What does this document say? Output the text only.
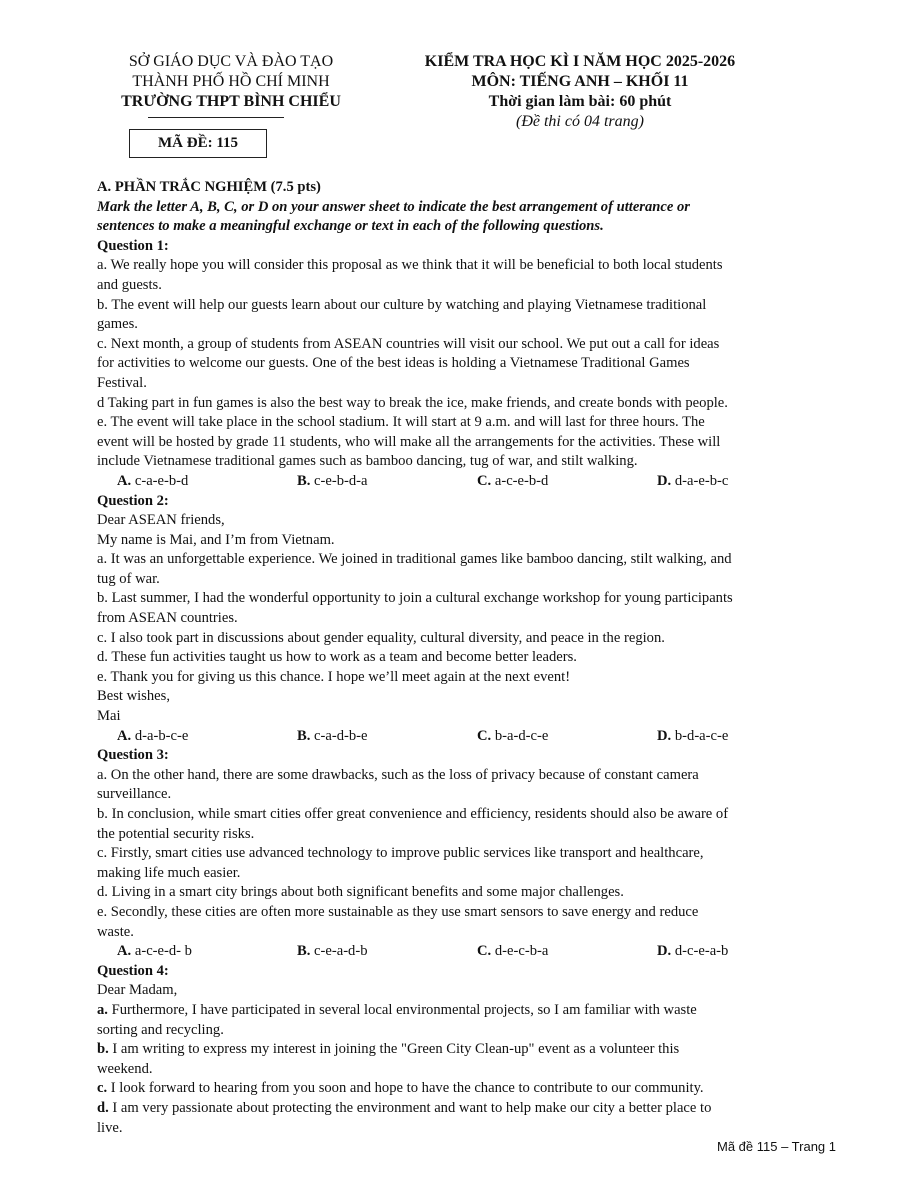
SỞ GIÁO DỤC VÀ ĐÀO TẠO
THÀNH PHỐ HỒ CHÍ MINH
TRƯỜNG THPT BÌNH CHIỂU
MÃ ĐỀ: 115
KIỂM TRA HỌC KÌ I NĂM HỌC 2025-2026
MÔN: TIẾNG ANH – KHỐI 11
Thời gian làm bài: 60 phút
(Đề thi có 04 trang)

A. PHẦN TRẮC NGHIỆM (7.5 pts)

Mark the letter A, B, C, or D on your answer sheet to indicate the best arrangement of utterance or

sentences to make a meaningful exchange or text in each of the following questions.

Question 1:

a. We really hope you will consider this proposal as we think that it will be beneficial to both local students

and guests.

b. The event will help our guests learn about our culture by watching and playing Vietnamese traditional

games.

c. Next month, a group of students from ASEAN countries will visit our school. We put out a call for ideas

for activities to welcome our guests. One of the best ideas is holding a Vietnamese Traditional Games

Festival.

d Taking part in fun games is also the best way to break the ice, make friends, and create bonds with people.

e. The event will take place in the school stadium. It will start at 9 a.m. and will last for three hours. The

event will be hosted by grade 11 students, who will make all the arrangements for the activities. These will

include Vietnamese traditional games such as bamboo dancing, tug of war, and stilt walking.

A. c-a-e-b-d	B. c-e-b-d-a	C. a-c-e-b-d	D. d-a-e-b-c

Question 2:

Dear ASEAN friends,

My name is Mai, and I’m from Vietnam.

a. It was an unforgettable experience. We joined in traditional games like bamboo dancing, stilt walking, and

tug of war.

b. Last summer, I had the wonderful opportunity to join a cultural exchange workshop for young participants

from ASEAN countries.

c. I also took part in discussions about gender equality, cultural diversity, and peace in the region.

d. These fun activities taught us how to work as a team and become better leaders.

e. Thank you for giving us this chance. I hope we’ll meet again at the next event!

Best wishes,

Mai

A. d-a-b-c-e	B. c-a-d-b-e	C. b-a-d-c-e	D. b-d-a-c-e

Question 3:

a. On the other hand, there are some drawbacks, such as the loss of privacy because of constant camera

surveillance.

b. In conclusion, while smart cities offer great convenience and efficiency, residents should also be aware of

the potential security risks.

c. Firstly, smart cities use advanced technology to improve public services like transport and healthcare,

making life much easier.

d. Living in a smart city brings about both significant benefits and some major challenges.

e. Secondly, these cities are often more sustainable as they use smart sensors to save energy and reduce

waste.

A. a-c-e-d- b	B. c-e-a-d-b	C. d-e-c-b-a	D. d-c-e-a-b

Question 4:

Dear Madam,

a. Furthermore, I have participated in several local environmental projects, so I am familiar with waste

sorting and recycling.

b. I am writing to express my interest in joining the "Green City Clean-up" event as a volunteer this

weekend.

c. I look forward to hearing from you soon and hope to have the chance to contribute to our community.

d. I am very passionate about protecting the environment and want to help make our city a better place to

live.

Mã đề 115 – Trang 1
